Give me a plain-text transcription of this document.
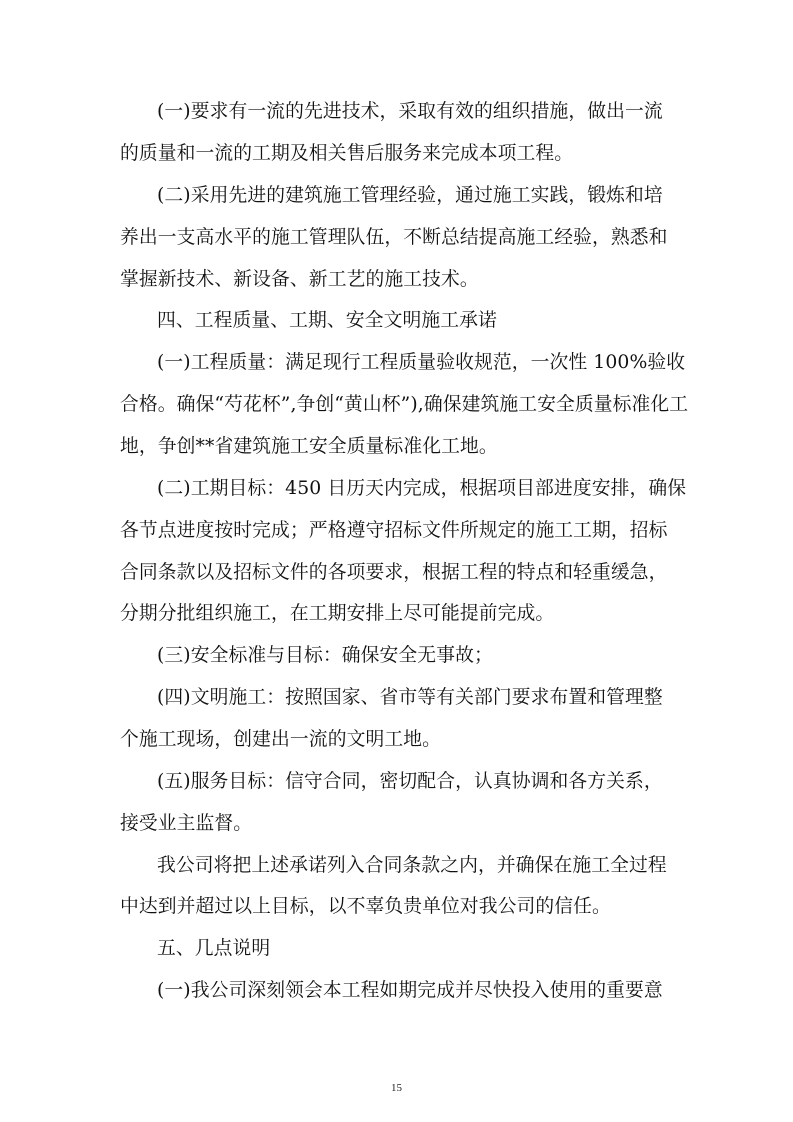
(一)要求有一流的先进技术，采取有效的组织措施，做出一流

的质量和一流的工期及相关售后服务来完成本项工程。

(二)采用先进的建筑施工管理经验，通过施工实践，锻炼和培

养出一支高水平的施工管理队伍，不断总结提高施工经验，熟悉和

掌握新技术、新设备、新工艺的施工技术。

四、工程质量、工期、安全文明施工承诺

(一)工程质量：满足现行工程质量验收规范，一次性 100%验收

合格。确保“芍花杯”,争创“黄山杯”),确保建筑施工安全质量标准化工

地，争创**省建筑施工安全质量标准化工地。

(二)工期目标：450 日历天内完成，根据项目部进度安排，确保

各节点进度按时完成；严格遵守招标文件所规定的施工工期，招标

合同条款以及招标文件的各项要求，根据工程的特点和轻重缓急，

分期分批组织施工，在工期安排上尽可能提前完成。

(三)安全标准与目标：确保安全无事故；

(四)文明施工：按照国家、省市等有关部门要求布置和管理整

个施工现场，创建出一流的文明工地。

(五)服务目标：信守合同，密切配合，认真协调和各方关系，

接受业主监督。

我公司将把上述承诺列入合同条款之内，并确保在施工全过程

中达到并超过以上目标，以不辜负贵单位对我公司的信任。

五、几点说明

(一)我公司深刻领会本工程如期完成并尽快投入使用的重要意

15
